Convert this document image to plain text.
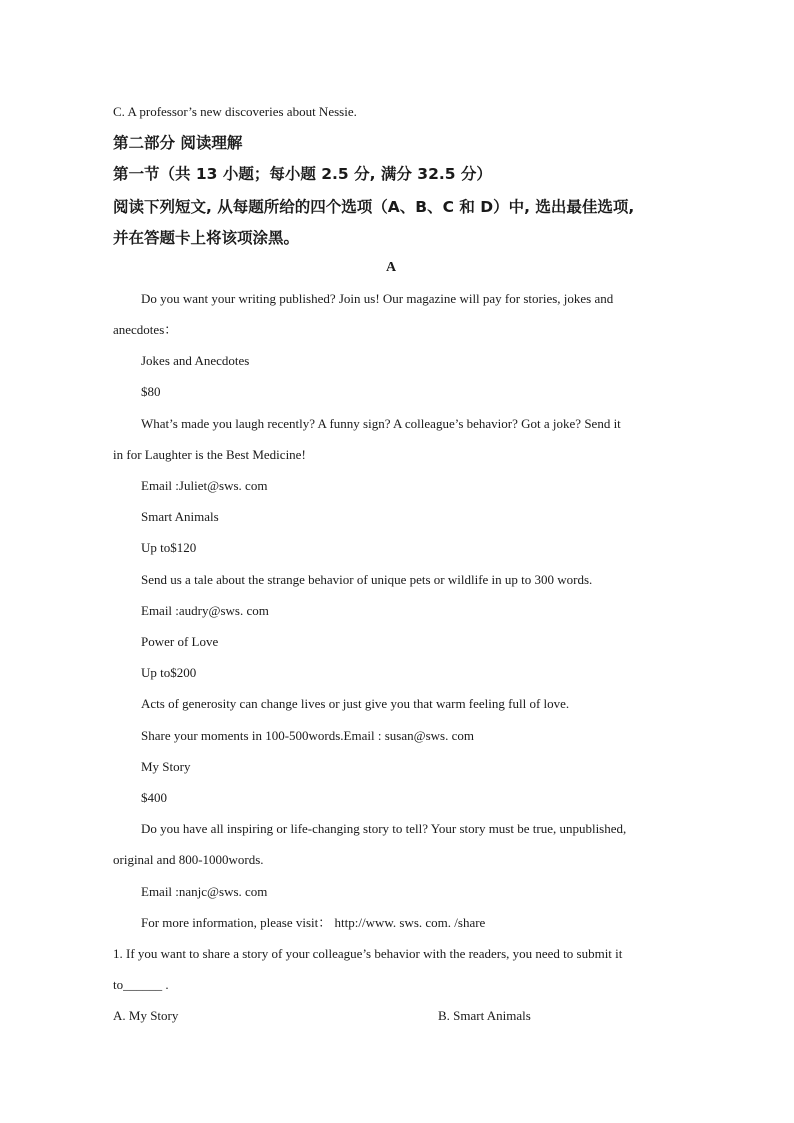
C. A professor’s new discoveries about Nessie.
第二部分 阅读理解
第一节（共 13 小题；每小题 2.5 分, 满分 32.5 分）
阅读下列短文, 从每题所给的四个选项（A、B、C 和 D）中, 选出最佳选项,
并在答题卡上将该项涂黑。
A
Do you want your writing published? Join us! Our magazine will pay for stories, jokes and
anecdotes：
Jokes and Anecdotes
$80
What’s made you laugh recently? A funny sign? A colleague’s behavior? Got a joke? Send it
in for Laughter is the Best Medicine!
Email :Juliet@sws. com
Smart Animals
Up to$120
Send us a tale about the strange behavior of unique pets or wildlife in up to 300 words.
Email :audry@sws. com
Power of Love
Up to$200
Acts of generosity can change lives or just give you that warm feeling full of love.
Share your moments in 100-500words.Email : susan@sws. com
My Story
$400
Do you have all inspiring or life-changing story to tell? Your story must be true, unpublished,
original and 800-1000words.
Email :nanjc@sws. com
For more information, please visit： http://www. sws. com. /share
1. If you want to share a story of your colleague’s behavior with the readers, you need to submit it
to______ .
A. My Story	B. Smart Animals
